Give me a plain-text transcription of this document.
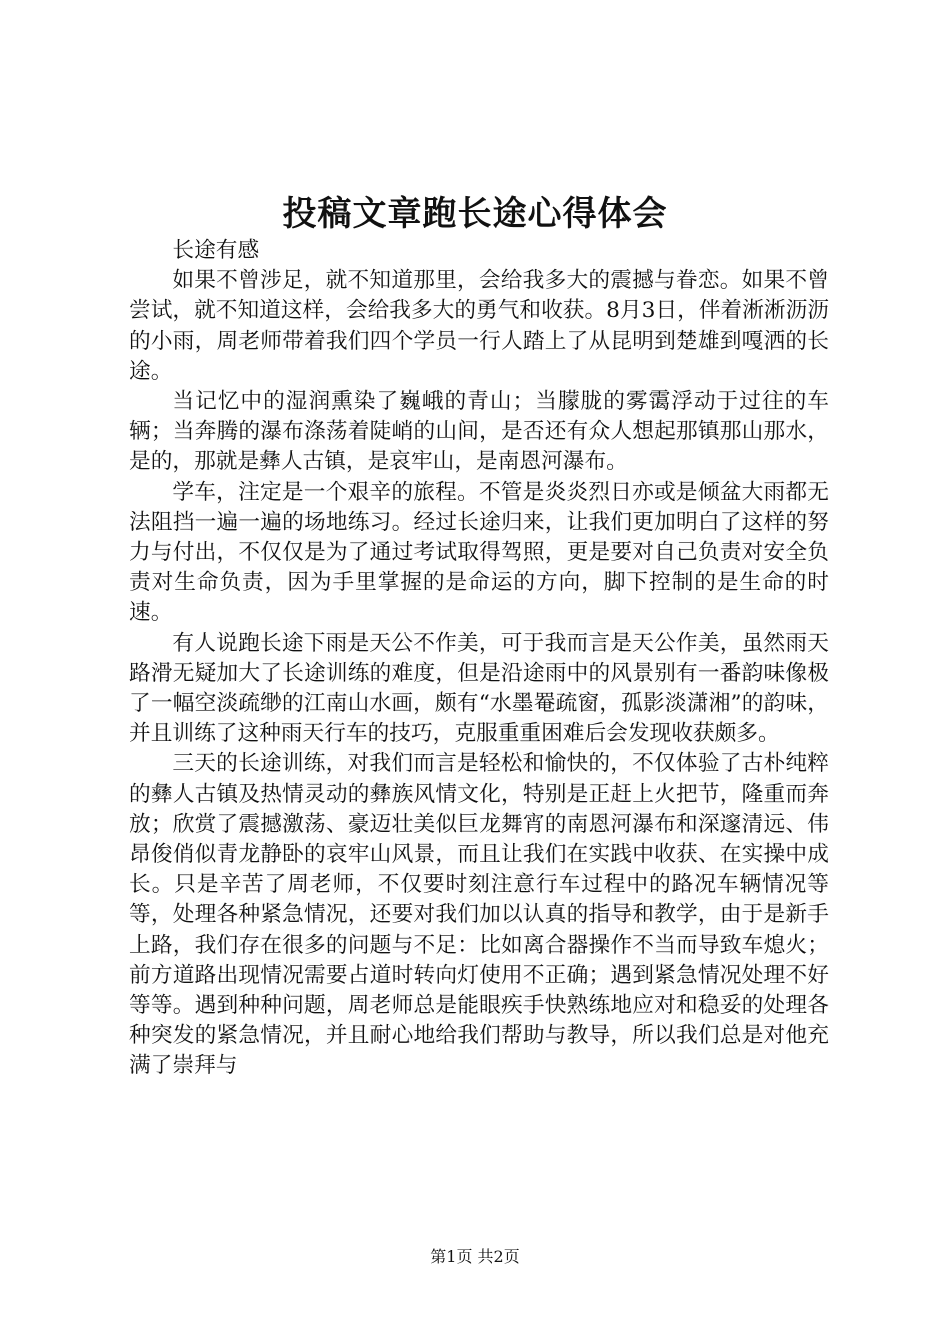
投稿文章跑长途心得体会

长途有感

如果不曾涉足，就不知道那里，会给我多大的震撼与眷恋。如果不曾尝试，就不知道这样，会给我多大的勇气和收获。8月3日，伴着淅淅沥沥的小雨，周老师带着我们四个学员一行人踏上了从昆明到楚雄到嘎洒的长途。

当记忆中的湿润熏染了巍峨的青山；当朦胧的雾霭浮动于过往的车辆；当奔腾的瀑布涤荡着陡峭的山间，是否还有众人想起那镇那山那水，是的，那就是彝人古镇，是哀牢山，是南恩河瀑布。

学车，注定是一个艰辛的旅程。不管是炎炎烈日亦或是倾盆大雨都无法阻挡一遍一遍的场地练习。经过长途归来，让我们更加明白了这样的努力与付出，不仅仅是为了通过考试取得驾照，更是要对自己负责对安全负责对生命负责，因为手里掌握的是命运的方向，脚下控制的是生命的时速。

有人说跑长途下雨是天公不作美，可于我而言是天公作美，虽然雨天路滑无疑加大了长途训练的难度，但是沿途雨中的风景别有一番韵味像极了一幅空淡疏缈的江南山水画，颇有“水墨罨疏窗，孤影淡潇湘”的韵味，并且训练了这种雨天行车的技巧，克服重重困难后会发现收获颇多。

三天的长途训练，对我们而言是轻松和愉快的，不仅体验了古朴纯粹的彝人古镇及热情灵动的彝族风情文化，特别是正赶上火把节，隆重而奔放；欣赏了震撼激荡、豪迈壮美似巨龙舞宵的南恩河瀑布和深邃清远、伟昂俊俏似青龙静卧的哀牢山风景，而且让我们在实践中收获、在实操中成长。只是辛苦了周老师，不仅要时刻注意行车过程中的路况车辆情况等等，处理各种紧急情况，还要对我们加以认真的指导和教学，由于是新手上路，我们存在很多的问题与不足：比如离合器操作不当而导致车熄火；前方道路出现情况需要占道时转向灯使用不正确；遇到紧急情况处理不好等等。遇到种种问题，周老师总是能眼疾手快熟练地应对和稳妥的处理各种突发的紧急情况，并且耐心地给我们帮助与教导，所以我们总是对他充满了崇拜与

第1页 共2页
